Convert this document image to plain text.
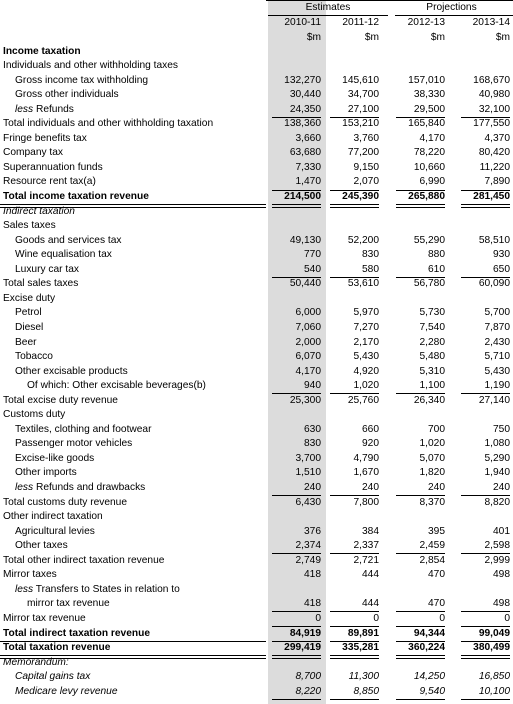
Estimates	Projections
2010-11	2011-12	2012-13	2013-14
$m	$m	$m	$m
Income taxation
Individuals and other withholding taxes
Gross income tax withholding	132,270	145,610	157,010	168,670
Gross other individuals	30,440	34,700	38,330	40,980
less Refunds	24,350	27,100	29,500	32,100
Total individuals and other withholding taxation	138,360	153,210	165,840	177,550
Fringe benefits tax	3,660	3,760	4,170	4,370
Company tax	63,680	77,200	78,220	80,420
Superannuation funds	7,330	9,150	10,660	11,220
Resource rent tax(a)	1,470	2,070	6,990	7,890
Total income taxation revenue	214,500	245,390	265,880	281,450
Indirect taxation
Sales taxes
Goods and services tax	49,130	52,200	55,290	58,510
Wine equalisation tax	770	830	880	930
Luxury car tax	540	580	610	650
Total sales taxes	50,440	53,610	56,780	60,090
Excise duty
Petrol	6,000	5,970	5,730	5,700
Diesel	7,060	7,270	7,540	7,870
Beer	2,000	2,170	2,280	2,430
Tobacco	6,070	5,430	5,480	5,710
Other excisable products	4,170	4,920	5,310	5,430
Of which: Other excisable beverages(b)	940	1,020	1,100	1,190
Total excise duty revenue	25,300	25,760	26,340	27,140
Customs duty
Textiles, clothing and footwear	630	660	700	750
Passenger motor vehicles	830	920	1,020	1,080
Excise-like goods	3,700	4,790	5,070	5,290
Other imports	1,510	1,670	1,820	1,940
less Refunds and drawbacks	240	240	240	240
Total customs duty revenue	6,430	7,800	8,370	8,820
Other indirect taxation
Agricultural levies	376	384	395	401
Other taxes	2,374	2,337	2,459	2,598
Total other indirect taxation revenue	2,749	2,721	2,854	2,999
Mirror taxes	418	444	470	498
less Transfers to States in relation to
mirror tax revenue	418	444	470	498
Mirror tax revenue	0	0	0	0
Total indirect taxation revenue	84,919	89,891	94,344	99,049
Total taxation revenue	299,419	335,281	360,224	380,499
Memorandum:
Capital gains tax	8,700	11,300	14,250	16,850
Medicare levy revenue	8,220	8,850	9,540	10,100
